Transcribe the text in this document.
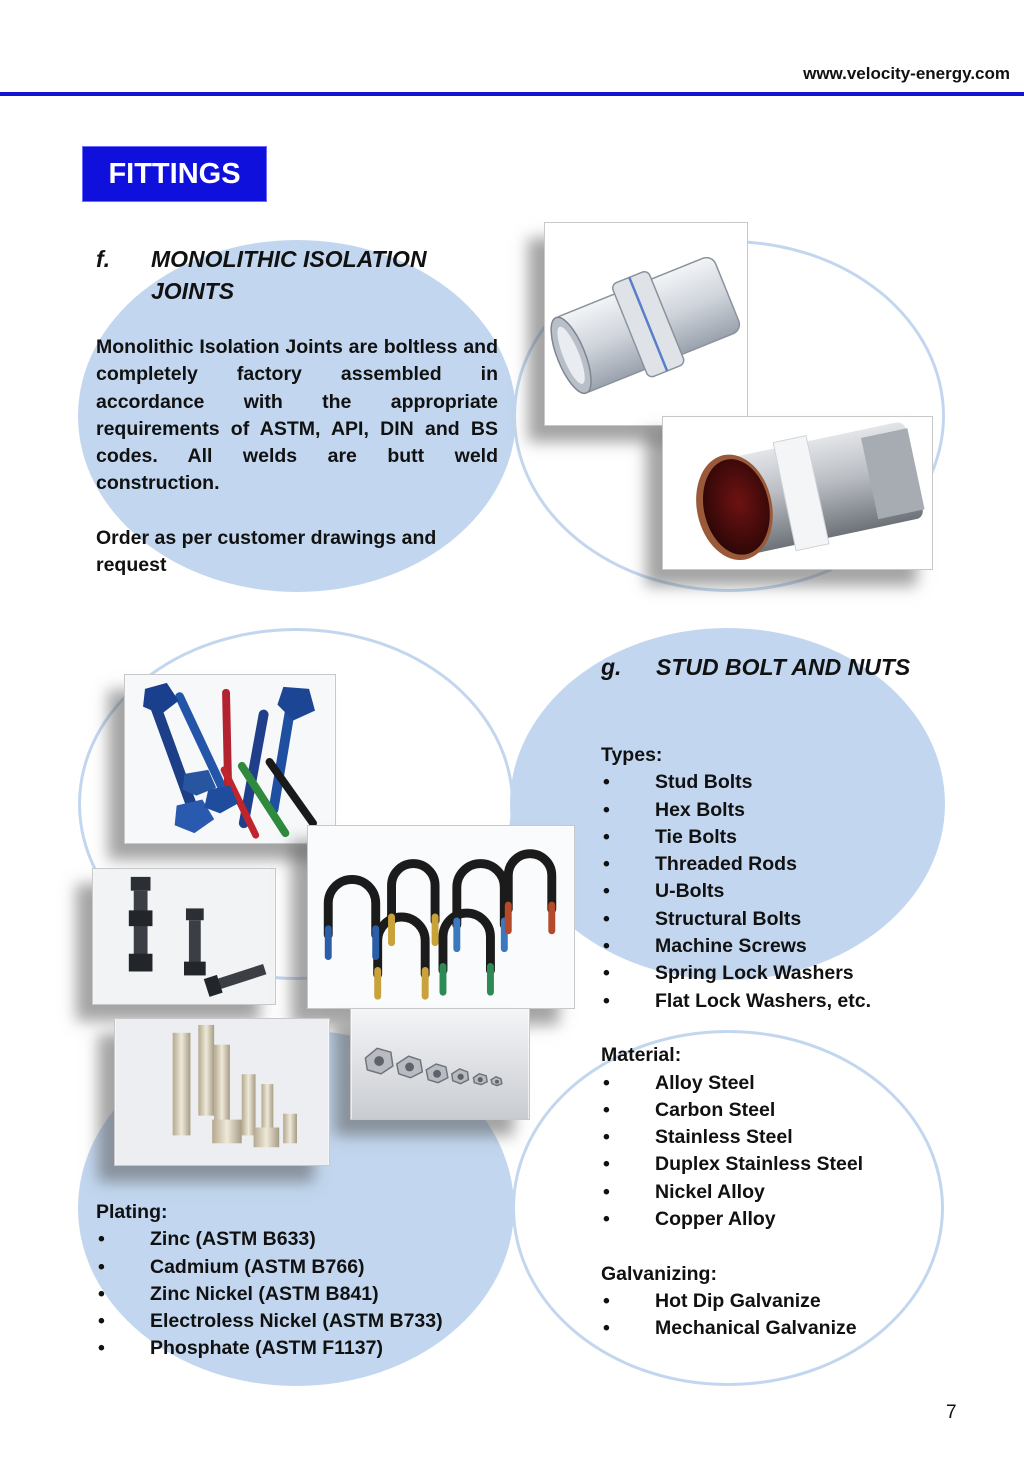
www.velocity-energy.com
FITTINGS
f. MONOLITHIC ISOLATION JOINTS
Monolithic Isolation Joints are boltless and completely factory assembled in accordance with the appropriate requirements of ASTM, API, DIN and BS codes. All welds are butt weld construction.
Order as per customer drawings and request
g. STUD BOLT AND NUTS
Types:
• Stud Bolts
• Hex Bolts
• Tie Bolts
• Threaded Rods
• U-Bolts
• Structural Bolts
• Machine Screws
• Spring Lock Washers
• Flat Lock Washers, etc.
Material:
• Alloy Steel
• Carbon Steel
• Stainless Steel
• Duplex Stainless Steel
• Nickel Alloy
• Copper Alloy
Galvanizing:
• Hot Dip Galvanize
• Mechanical Galvanize
Plating:
• Zinc (ASTM B633)
• Cadmium (ASTM B766)
• Zinc Nickel (ASTM B841)
• Electroless Nickel (ASTM B733)
• Phosphate (ASTM F1137)
7
